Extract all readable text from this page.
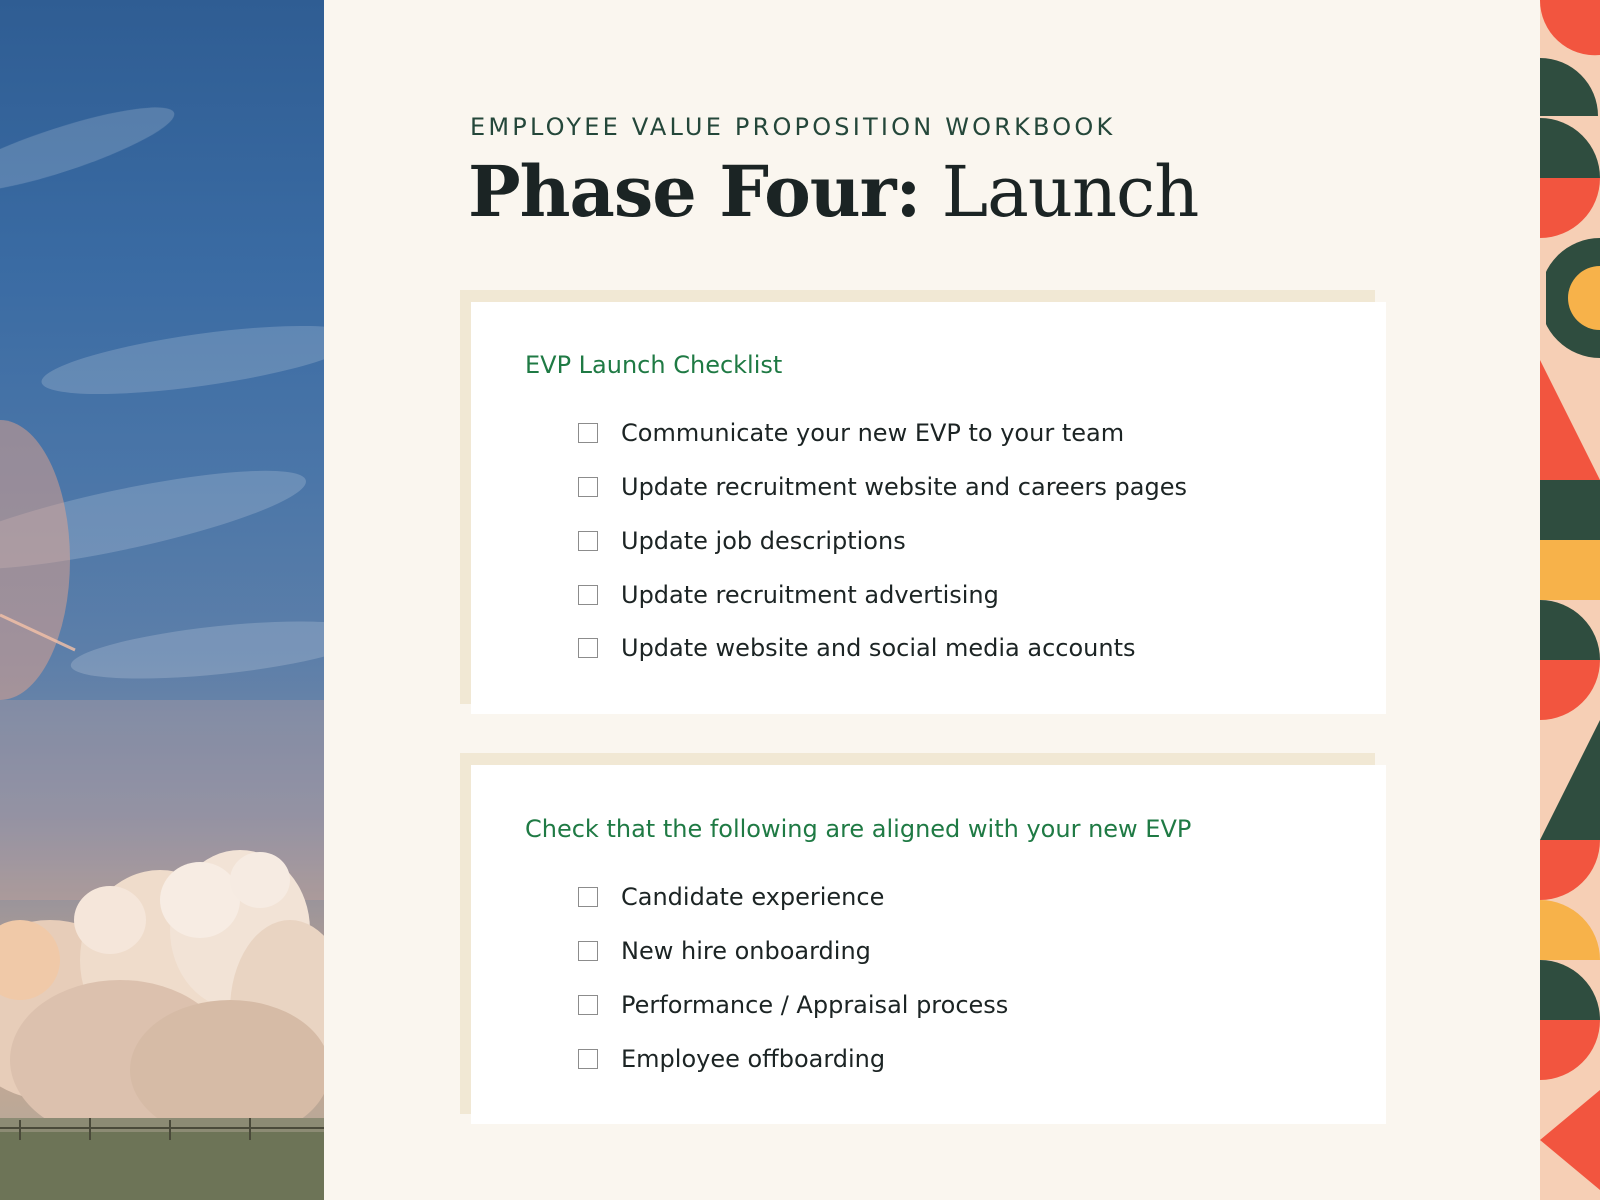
EMPLOYEE VALUE PROPOSITION WORKBOOK
Phase Four: Launch
EVP Launch Checklist
Communicate your new EVP to your team
Update recruitment website and careers pages
Update job descriptions
Update recruitment advertising
Update website and social media accounts
Check that the following are aligned with your new EVP
Candidate experience
New hire onboarding
Performance / Appraisal process
Employee offboarding
